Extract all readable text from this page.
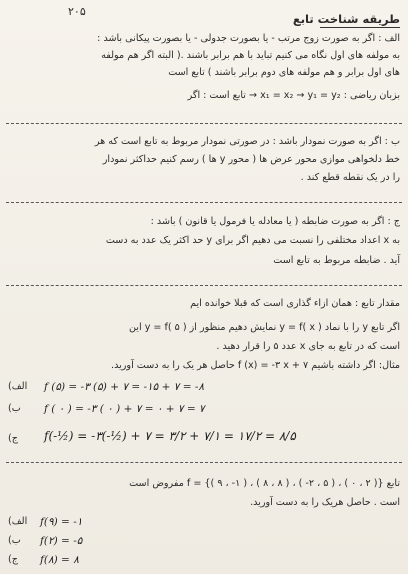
۲۰۵
طریقه شناخت تابع
الف : اگر به صورت زوج مرتب - یا بصورت جدولی - یا بصورت پیکانی باشد :
به مولفه های اول نگاه می کنیم تباید با هم برابر باشند .( البته اگر هم مولفه
های اول برابر و هم مولفه های دوم برابر باشند ) تابع است
بزبان ریاضی : x₁ = x₂ → y₁ = y₂ → تابع است : اگر
ب : اگر به صورت نمودار باشد : در صورتی نمودار مربوط به تابع است که هر
خط دلخواهی موازی محور عرض ها ( محور y ها ) رسم کنیم حداکثر نمودار
را در یک نقطه قطع کند .
ج : اگر به صورت ضابطه ( یا معادله یا فرمول یا قانون ) باشد :
به x اعداد مختلفی را نسبت می دهیم اگر برای y حد اکثر یک عدد به دست
آید . ضابطه مربوط به تابع است
مقدار تابع : همان ازاء گذاری است که قبلا خوانده ایم
اگر تابع y را با نماد y = f( x ) نمایش دهیم منظور از y = f( ۵ ) این
است که در تابع به جای x عدد ۵ را قرار دهید .
مثال: اگر داشته باشیم f (x) = -۳ x + ۷ حاصل هر یک را به دست آورید.
(الف f (۵) = -۳ (۵) + ۷ = -۱۵ + ۷ = -۸
(ب f ( ۰ ) = -۳ ( ۰ ) + ۷ = ۰ + ۷ = ۷
(ج f(-½) = -۳(-½) + ۷ = ۳/۲ + ۷/۱ = ۱۷/۲ = ۸/۵
تابع {( ۲ ، ۰ ) ، ( ۵ ، ۲- ) ، ( ۸ ، ۸ ) ، ( ۱- ، ۹ )} = f مفروض است
است . حاصل هریک را به دست آورید.
(الف f(۹) = -۱
(ب f(۲) = -۵
(ج f(۸) = ۸
